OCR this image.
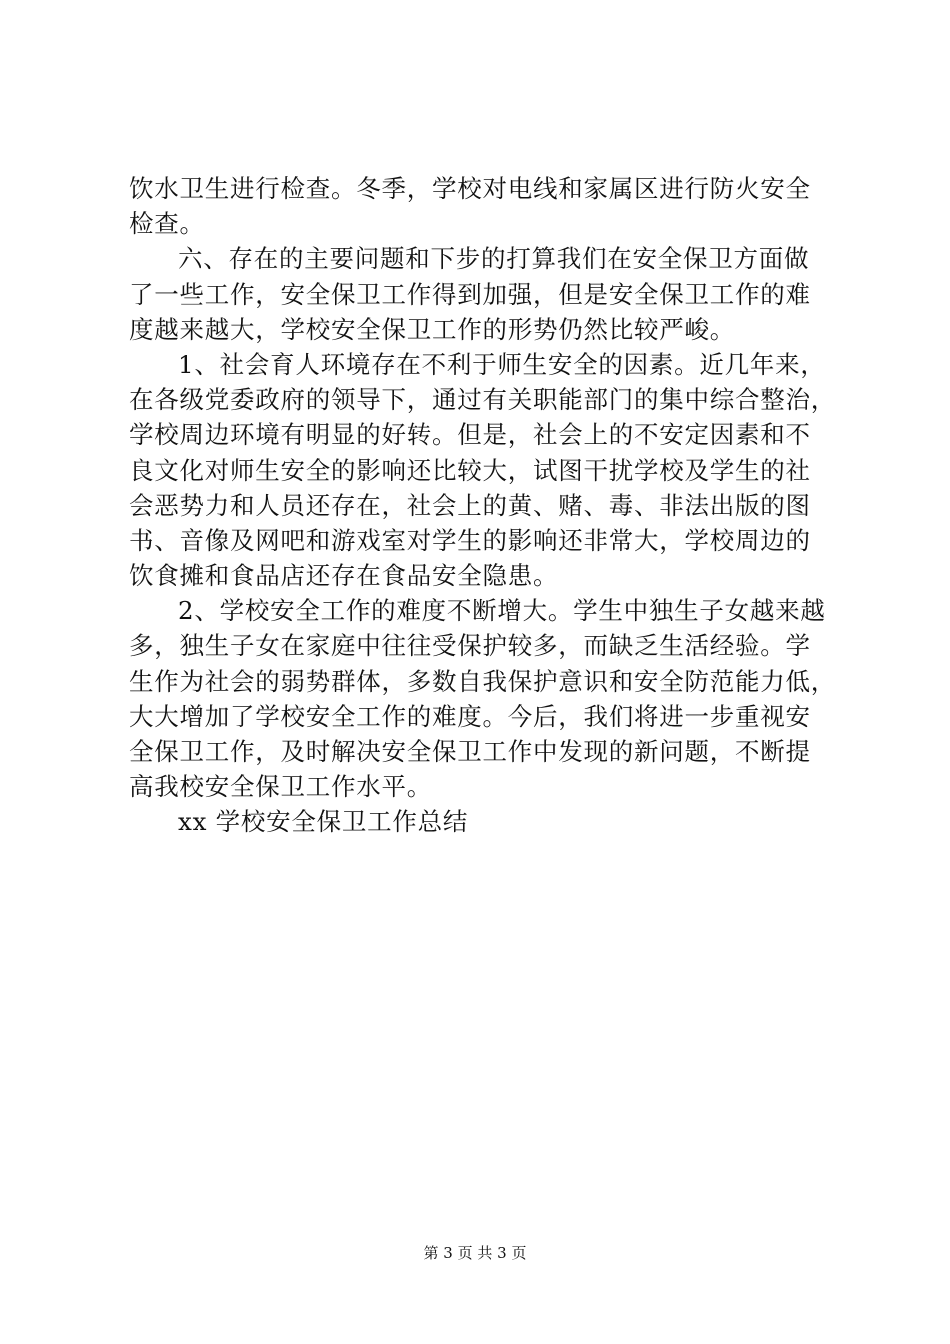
饮水卫生进行检查。冬季，学校对电线和家属区进行防火安全
检查。
六、存在的主要问题和下步的打算我们在安全保卫方面做
了一些工作，安全保卫工作得到加强，但是安全保卫工作的难
度越来越大，学校安全保卫工作的形势仍然比较严峻。
1、社会育人环境存在不利于师生安全的因素。近几年来，
在各级党委政府的领导下，通过有关职能部门的集中综合整治，
学校周边环境有明显的好转。但是，社会上的不安定因素和不
良文化对师生安全的影响还比较大，试图干扰学校及学生的社
会恶势力和人员还存在，社会上的黄、赌、毒、非法出版的图
书、音像及网吧和游戏室对学生的影响还非常大，学校周边的
饮食摊和食品店还存在食品安全隐患。
2、学校安全工作的难度不断增大。学生中独生子女越来越
多，独生子女在家庭中往往受保护较多，而缺乏生活经验。学
生作为社会的弱势群体，多数自我保护意识和安全防范能力低，
大大增加了学校安全工作的难度。今后，我们将进一步重视安
全保卫工作，及时解决安全保卫工作中发现的新问题，不断提
高我校安全保卫工作水平。
xx 学校安全保卫工作总结
第 3 页 共 3 页
